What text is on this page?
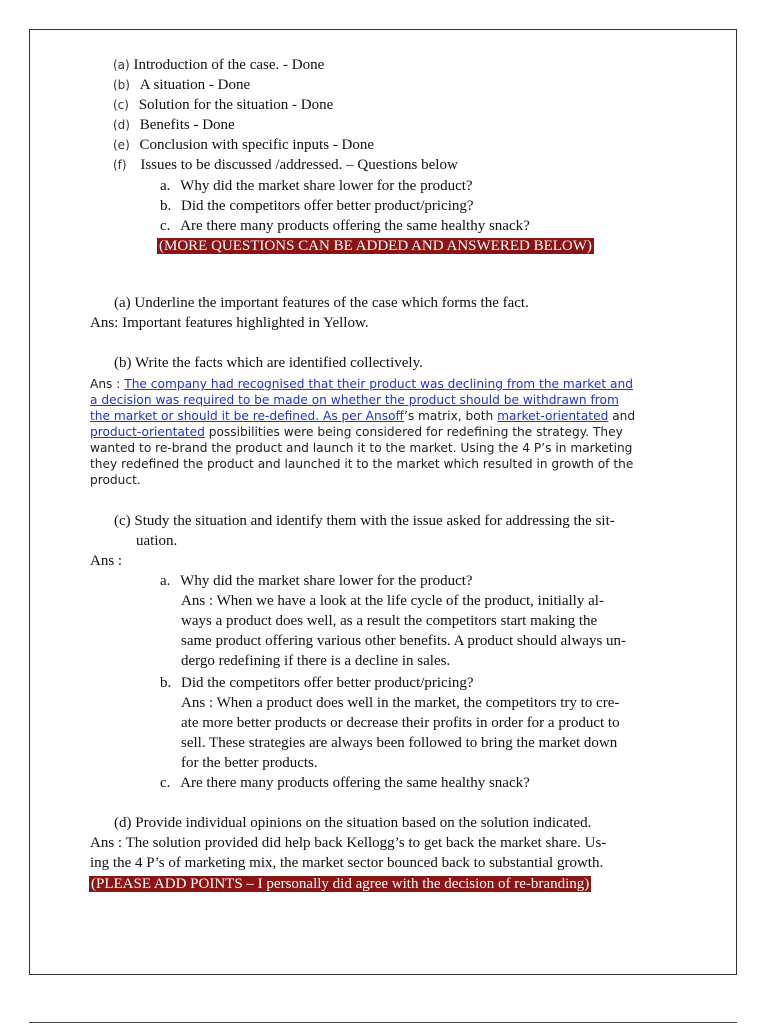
(a) Introduction of the case. - Done
(b) A situation - Done
(c) Solution for the situation - Done
(d) Benefits - Done
(e) Conclusion with specific inputs - Done
(f) Issues to be discussed /addressed. – Questions below
a. Why did the market share lower for the product?
b. Did the competitors offer better product/pricing?
c. Are there many products offering the same healthy snack?
(MORE QUESTIONS CAN BE ADDED AND ANSWERED BELOW)
(a) Underline the important features of the case which forms the fact.
Ans: Important features highlighted in Yellow.
(b) Write the facts which are identified collectively.
Ans : The company had recognised that their product was declining from the market and
a decision was required to be made on whether the product should be withdrawn from
the market or should it be re-defined. As per Ansoff’s matrix, both market-orientated and
product-orientated possibilities were being considered for redefining the strategy. They
wanted to re-brand the product and launch it to the market. Using the 4 P’s in marketing
they redefined the product and launched it to the market which resulted in growth of the
product.
(c) Study the situation and identify them with the issue asked for addressing the sit-
uation.
Ans :
a. Why did the market share lower for the product?
Ans : When we have a look at the life cycle of the product, initially al-
ways a product does well, as a result the competitors start making the
same product offering various other benefits. A product should always un-
dergo redefining if there is a decline in sales.
b. Did the competitors offer better product/pricing?
Ans : When a product does well in the market, the competitors try to cre-
ate more better products or decrease their profits in order for a product to
sell. These strategies are always been followed to bring the market down
for the better products.
c. Are there many products offering the same healthy snack?
(d) Provide individual opinions on the situation based on the solution indicated.
Ans : The solution provided did help back Kellogg’s to get back the market share. Us-
ing the 4 P’s of marketing mix, the market sector bounced back to substantial growth.
(PLEASE ADD POINTS – I personally did agree with the decision of re-branding)
